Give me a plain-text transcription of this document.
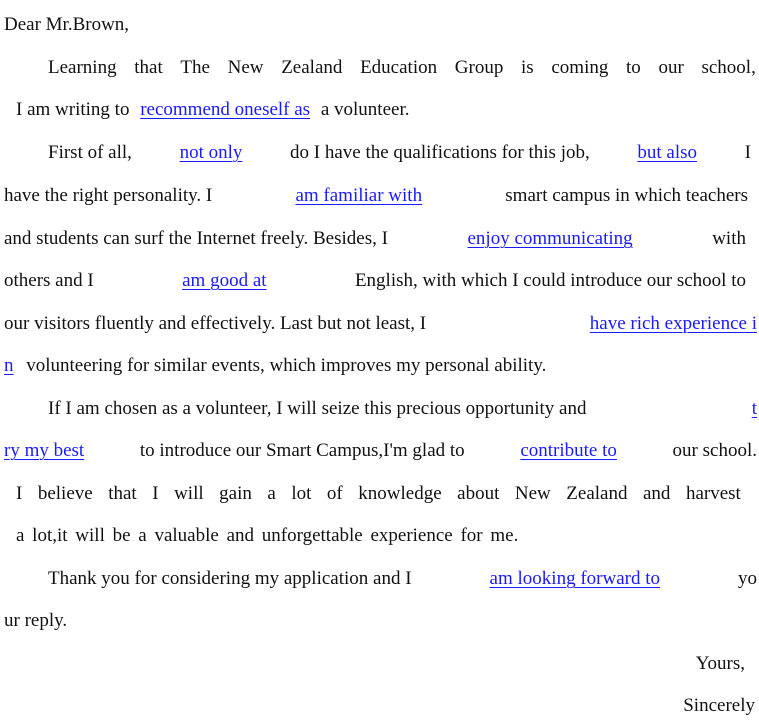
Dear Mr.Brown,
Learning that The New Zealand Education Group is coming to our school,
I am writing to recommend oneself as a volunteer.
First of all,	not only	do I have the qualifications for this job,	but also	I
have the right personality. I	am familiar with	smart campus in which teachers
and students can surf the Internet freely. Besides, I	enjoy communicating	with
others and I	am good at	English, with which I could introduce our school to
our visitors fluently and effectively. Last but not least, I	have rich experience i
n volunteering for similar events, which improves my personal ability.
If I am chosen as a volunteer, I will seize this precious opportunity and	t
ry my best	to introduce our Smart Campus,I'm glad to	contribute to	our school.
I believe that I will gain a lot of knowledge about New Zealand and harvest
a lot,it will be a valuable and unforgettable experience for me.
Thank you for considering my application and I	am looking forward to	yo
ur reply.
Yours,
Sincerely
